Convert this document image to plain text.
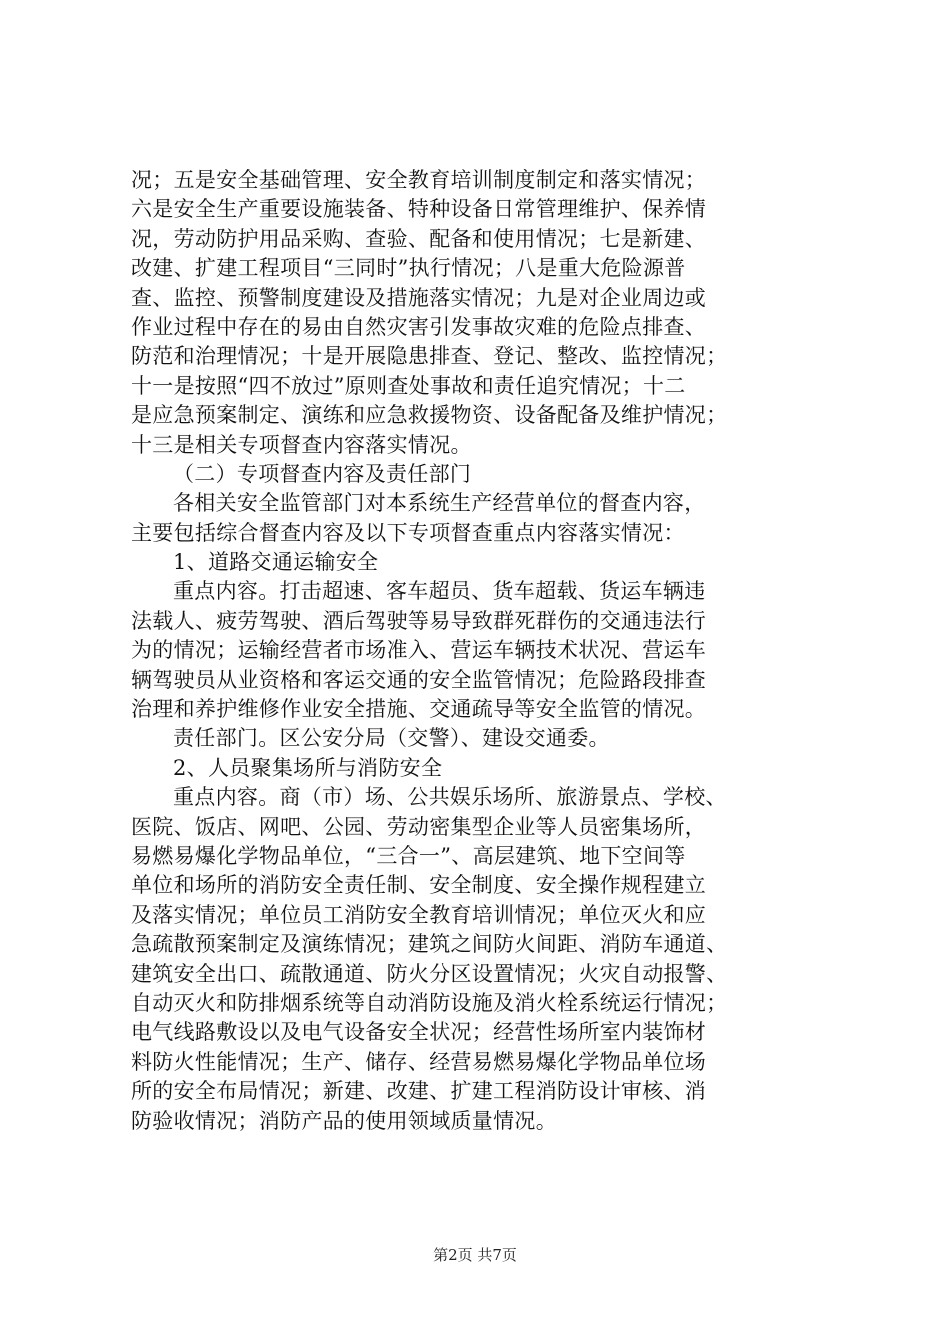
况；五是安全基础管理、安全教育培训制度制定和落实情况；
六是安全生产重要设施装备、特种设备日常管理维护、保养情
况，劳动防护用品采购、查验、配备和使用情况；七是新建、
改建、扩建工程项目“三同时”执行情况；八是重大危险源普
查、监控、预警制度建设及措施落实情况；九是对企业周边或
作业过程中存在的易由自然灾害引发事故灾难的危险点排查、
防范和治理情况；十是开展隐患排查、登记、整改、监控情况；
十一是按照“四不放过”原则查处事故和责任追究情况；十二
是应急预案制定、演练和应急救援物资、设备配备及维护情况；
十三是相关专项督查内容落实情况。
（二）专项督查内容及责任部门
各相关安全监管部门对本系统生产经营单位的督查内容，
主要包括综合督查内容及以下专项督查重点内容落实情况：
1、道路交通运输安全
重点内容。打击超速、客车超员、货车超载、货运车辆违
法载人、疲劳驾驶、酒后驾驶等易导致群死群伤的交通违法行
为的情况；运输经营者市场准入、营运车辆技术状况、营运车
辆驾驶员从业资格和客运交通的安全监管情况；危险路段排查
治理和养护维修作业安全措施、交通疏导等安全监管的情况。
责任部门。区公安分局（交警）、建设交通委。
2、人员聚集场所与消防安全
重点内容。商（市）场、公共娱乐场所、旅游景点、学校、
医院、饭店、网吧、公园、劳动密集型企业等人员密集场所，
易燃易爆化学物品单位，“三合一”、高层建筑、地下空间等
单位和场所的消防安全责任制、安全制度、安全操作规程建立
及落实情况；单位员工消防安全教育培训情况；单位灭火和应
急疏散预案制定及演练情况；建筑之间防火间距、消防车通道、
建筑安全出口、疏散通道、防火分区设置情况；火灾自动报警、
自动灭火和防排烟系统等自动消防设施及消火栓系统运行情况；
电气线路敷设以及电气设备安全状况；经营性场所室内装饰材
料防火性能情况；生产、储存、经营易燃易爆化学物品单位场
所的安全布局情况；新建、改建、扩建工程消防设计审核、消
防验收情况；消防产品的使用领域质量情况。
第2页 共7页
